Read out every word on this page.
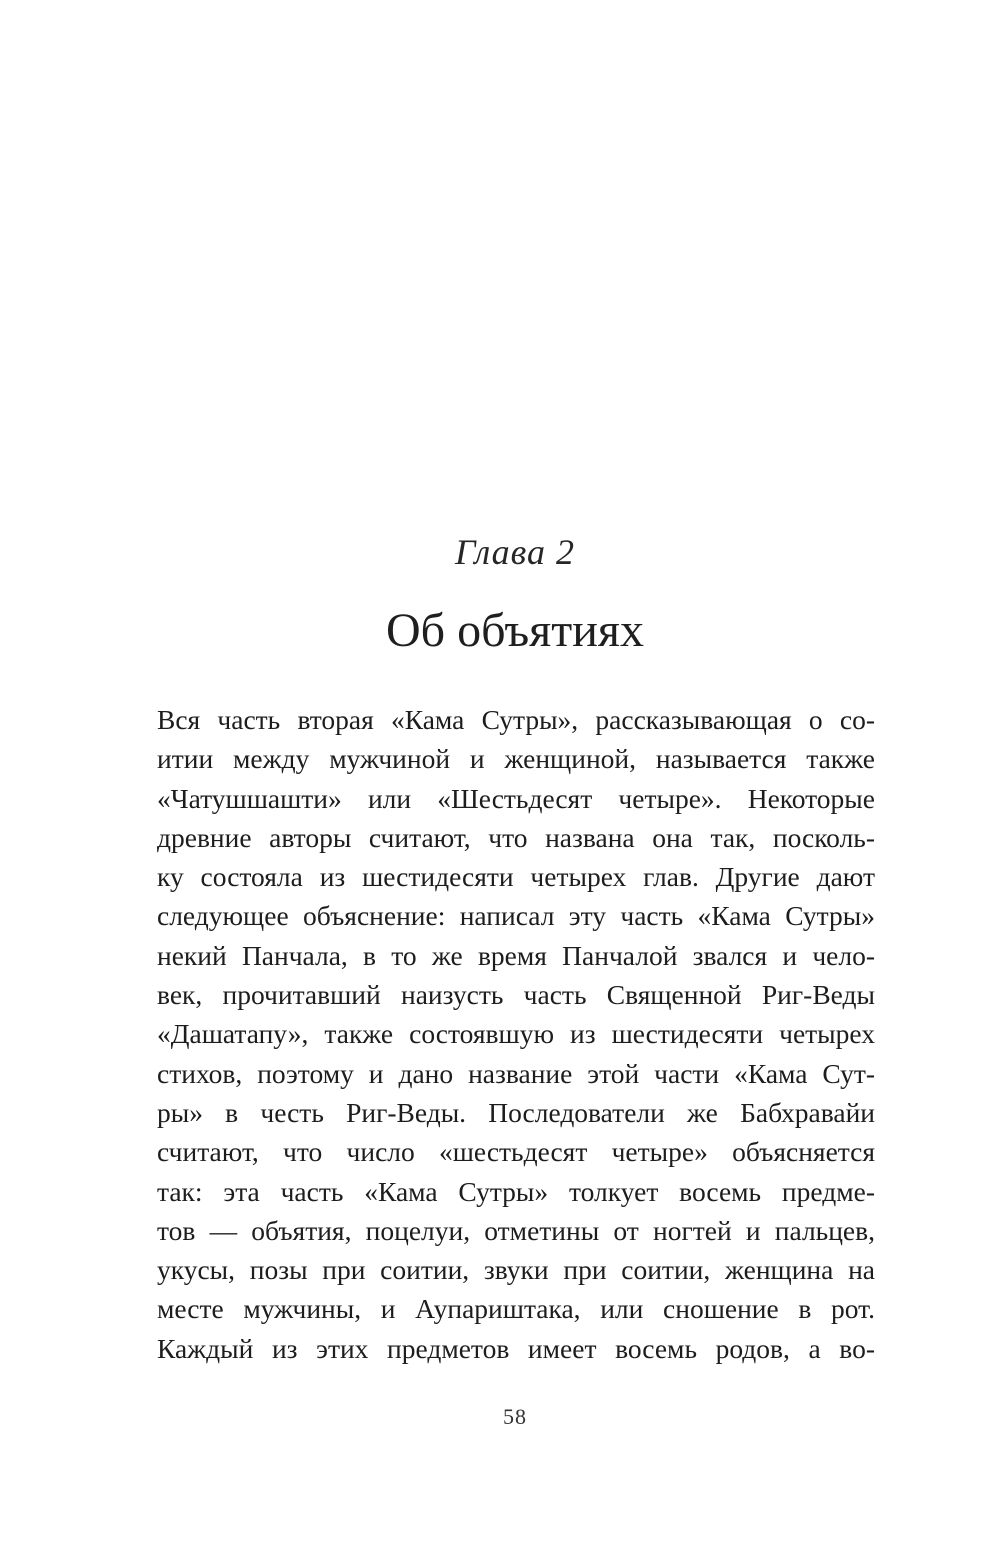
Глава 2
Об объятиях
Вся часть вторая «Кама Сутры», рассказывающая о со-
итии между мужчиной и женщиной, называется также
«Чатушшашти» или «Шестьдесят четыре». Некоторые
древние авторы считают, что названа она так, посколь-
ку состояла из шестидесяти четырех глав. Другие дают
следующее объяснение: написал эту часть «Кама Сутры»
некий Панчала, в то же время Панчалой звался и чело-
век, прочитавший наизусть часть Священной Риг-Веды
«Дашатапу», также состоявшую из шестидесяти четырех
стихов, поэтому и дано название этой части «Кама Сут-
ры» в честь Риг-Веды. Последователи же Бабхравайи
считают, что число «шестьдесят четыре» объясняется
так: эта часть «Кама Сутры» толкует восемь предме-
тов — объятия, поцелуи, отметины от ногтей и пальцев,
укусы, позы при соитии, звуки при соитии, женщина на
месте мужчины, и Аупариштака, или сношение в рот.
Каждый из этих предметов имеет восемь родов, а во-
58
